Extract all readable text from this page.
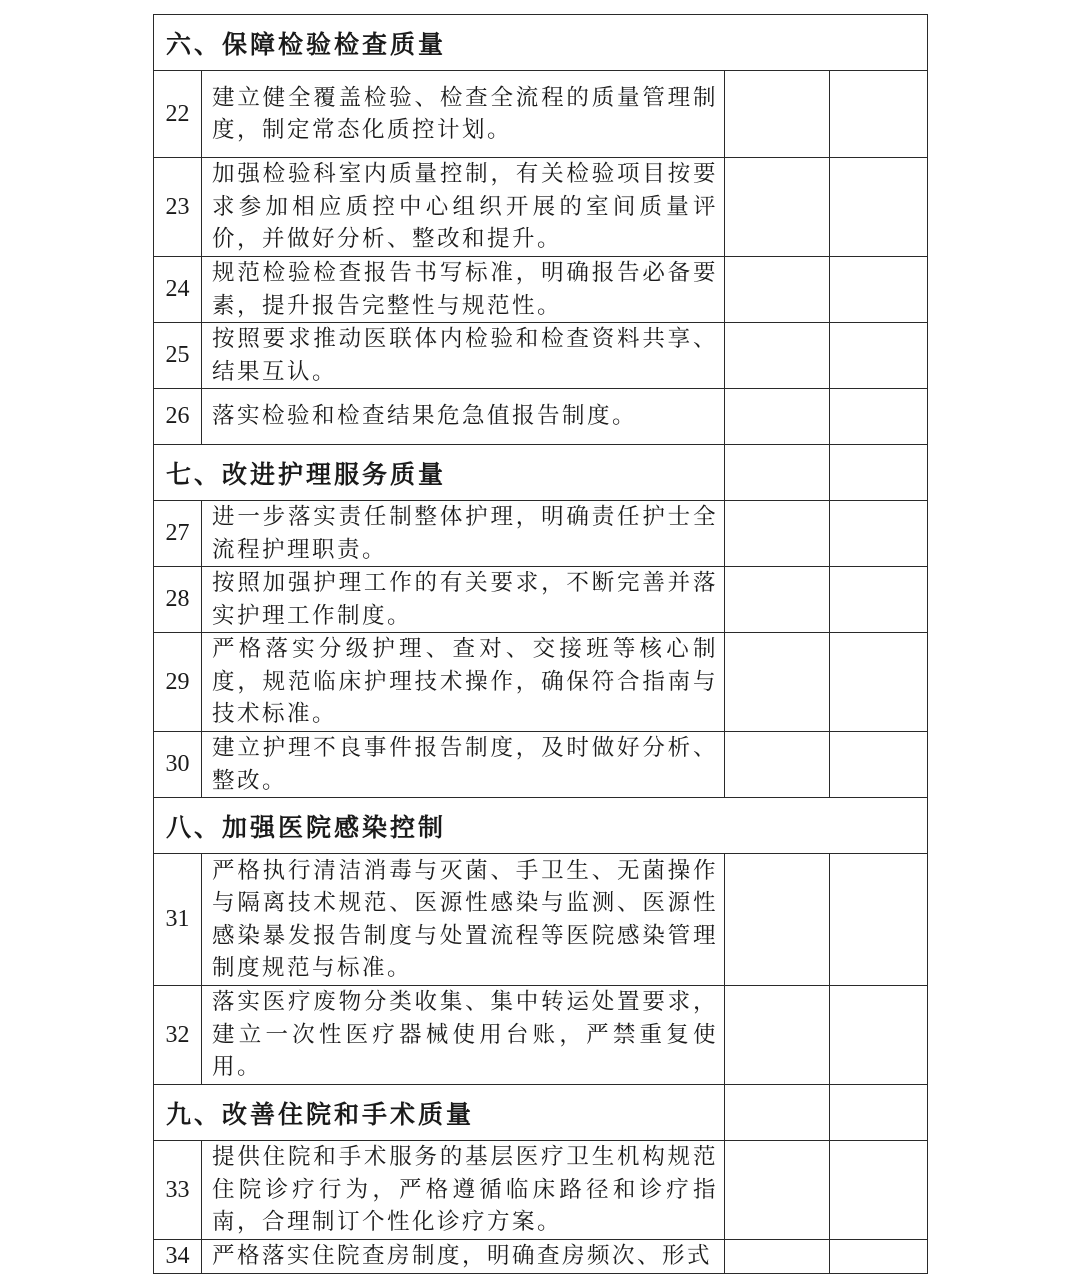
六、保障检验检查质量			
22	建立健全覆盖检验、检查全流程的质量管理制度，制定常态化质控计划。		
23	加强检验科室内质量控制，有关检验项目按要求参加相应质控中心组织开展的室间质量评价，并做好分析、整改和提升。		
24	规范检验检查报告书写标准，明确报告必备要素，提升报告完整性与规范性。		
25	按照要求推动医联体内检验和检查资料共享、结果互认。		
26	落实检验和检查结果危急值报告制度。		
七、改进护理服务质量			
27	进一步落实责任制整体护理，明确责任护士全流程护理职责。		
28	按照加强护理工作的有关要求，不断完善并落实护理工作制度。		
29	严格落实分级护理、查对、交接班等核心制度，规范临床护理技术操作，确保符合指南与技术标准。		
30	建立护理不良事件报告制度，及时做好分析、整改。		
八、加强医院感染控制			
31	严格执行清洁消毒与灭菌、手卫生、无菌操作与隔离技术规范、医源性感染与监测、医源性感染暴发报告制度与处置流程等医院感染管理制度规范与标准。		
32	落实医疗废物分类收集、集中转运处置要求，建立一次性医疗器械使用台账，严禁重复使用。		
九、改善住院和手术质量			
33	提供住院和手术服务的基层医疗卫生机构规范住院诊疗行为，严格遵循临床路径和诊疗指南，合理制订个性化诊疗方案。		
34	严格落实住院查房制度，明确查房频次、形式		
